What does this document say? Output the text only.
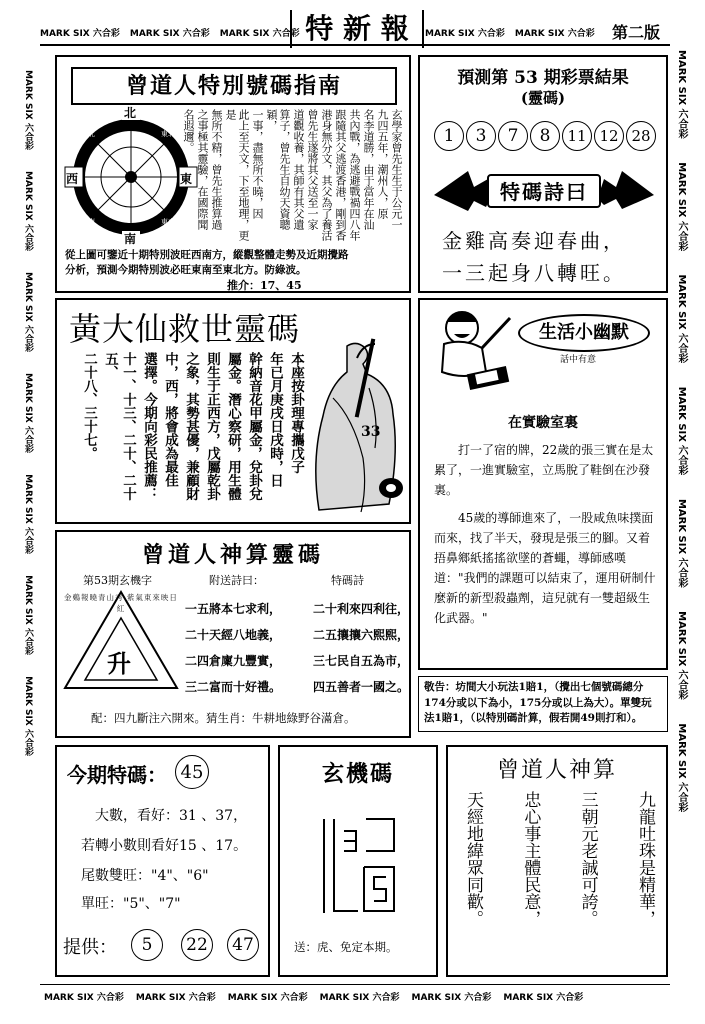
MARK SIX 六合彩 MARK SIX 六合彩 MARK SIX 六合彩 特 新 報	MARK SIX 六合彩 MARK SIX 六合彩 第二版
MARK SIX 六合彩　　 MARK SIX 六合彩　　 MARK SIX 六合彩　　 MARK SIX 六合彩　　 MARK SIX 六合彩　　 MARK SIX 六合彩　　 MARK SIX 六合彩
MARK SIX 六合彩　　 MARK SIX 六合彩　　 MARK SIX 六合彩　　 MARK SIX 六合彩　　 MARK SIX 六合彩　　 MARK SIX 六合彩　　 MARK SIX 六合彩
曾道人特別號碼指南
北
南
西	東
西北	東北
西南	東南	玄學家曾先生生于公元一
九四五年，潮州人，原
名李道勝，由于當年在汕
共內戰，為逃避戰禍四八年
跟隨其父逃渡香港，剛到香
港身無分文，其父為了養活
曾先生遂將其父送至一家
道觀收養，其師有其父遺
算子，曾先生自幼天資聰穎，
一事，盡無所不曉，因
此上至天文，下至地理，更是
無所不精，曾先生推算過
之事極其靈驗，在國際聞
名遐邇。
從上圖可鑒近十期特別波旺西南方，縱觀整體走勢及近期攪路
分析，預測今期特別波必旺東南至東北方。防綠波。
推介：17、45
預測第 53 期彩票結果
(靈碼)
1	3	7	8	11 12 28
特碼詩曰
金雞高奏迎春曲，
一三起身八轉旺。
黃大仙救世靈碼
33
本座按卦理專攜戊子
年已月庚戌日戌時，日
幹納音花甲屬金，兌卦兌
屬金。潛心察研，用生體
則生于正西方，戊屬乾卦
之象，其勢甚優，兼顧財
中，西，將會成為最佳
選擇。今期向彩民推薦：
十一、十三、二十、二十五、
二十八、三十七。
生活小幽默
話中有意
在實驗室裏
打一了宿的牌，22歲的張三實在是太累了，一進實驗室，立馬脫了鞋倒在沙發裏。
45歲的導師進來了，一股咸魚味撲面而來，找了半天，發現是張三的腳。又着捂鼻鄉紙搖搖欲墜的蒼蠅，導師感嘆道："我們的課題可以結束了，運用研制什麼新的新型殺蟲劑，這兒就有一雙超級生化武器。"
曾道人神算靈碼
第53期玄機字	附送詩曰：	特碼詩
升
金鷄報曉青山秀 紫氣東來映日紅	一五將本七求利，	二十利來四利往，
二十天經八地義，	二五攘攘六熙熙，
二四倉廩九豐實，	三七民自五為市，
三二富而十好禮。	四五善者一國之。
配：四九斷注六開來。猜生肖：牛耕地綠野谷滿倉。
敬告：坊間大小玩法1賠1，（攪出七個號碼總分174分或以下為小，175分或以上為大）。單雙玩法1賠1，（以特別碼計算，假若開49則打和）。
今期特碼： 45
大數，看好：31 、37，
若轉小數則看好15 、17。
尾數雙旺："4"、"6"
單旺："5"、"7"
提供：	5	22	47
玄機碼
送：虎、免定本期。
曾道人神算
九龍吐珠是精華，
三朝元老誠可誇。
忠心事主體民意，
天經地緯眾同歡。
MARK SIX 六合彩 MARK SIX 六合彩 MARK SIX 六合彩 MARK SIX 六合彩 MARK SIX 六合彩 MARK SIX 六合彩
